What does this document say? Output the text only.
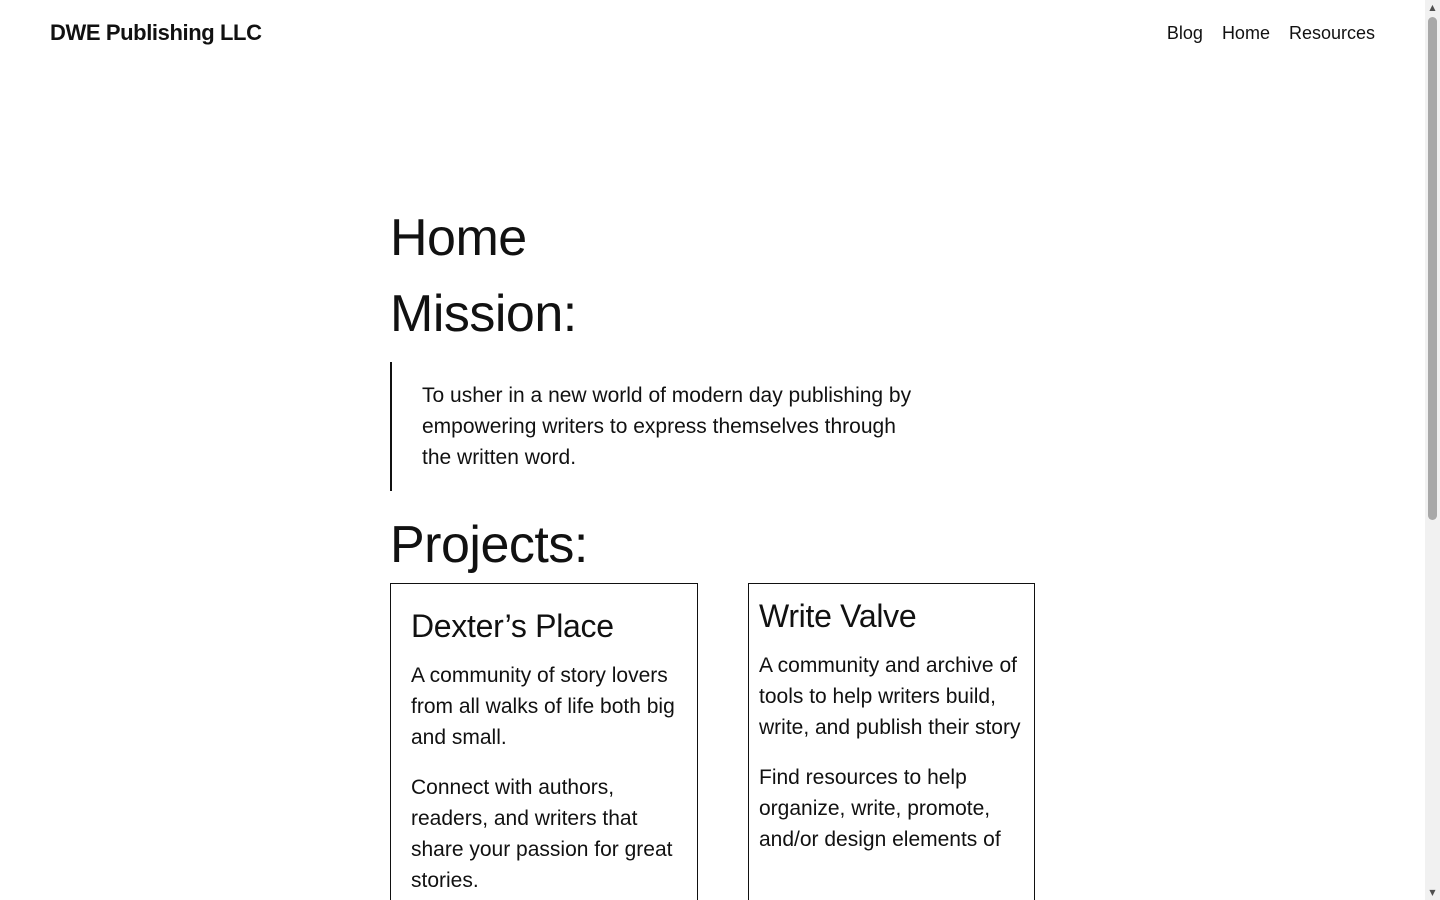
DWE Publishing LLC	Blog Home Resources
Home
Mission:
To usher in a new world of modern day publishing by empowering writers to express themselves through the written word.
Projects:
Dexter’s Place

A community of story lovers from all walks of life both big and small.

Connect with authors, readers, and writers that share your passion for great stories.

Write Valve

A community and archive of tools to help writers build, write, and publish their story

Find resources to help organize, write, promote, and/or design elements of

▲
▼
